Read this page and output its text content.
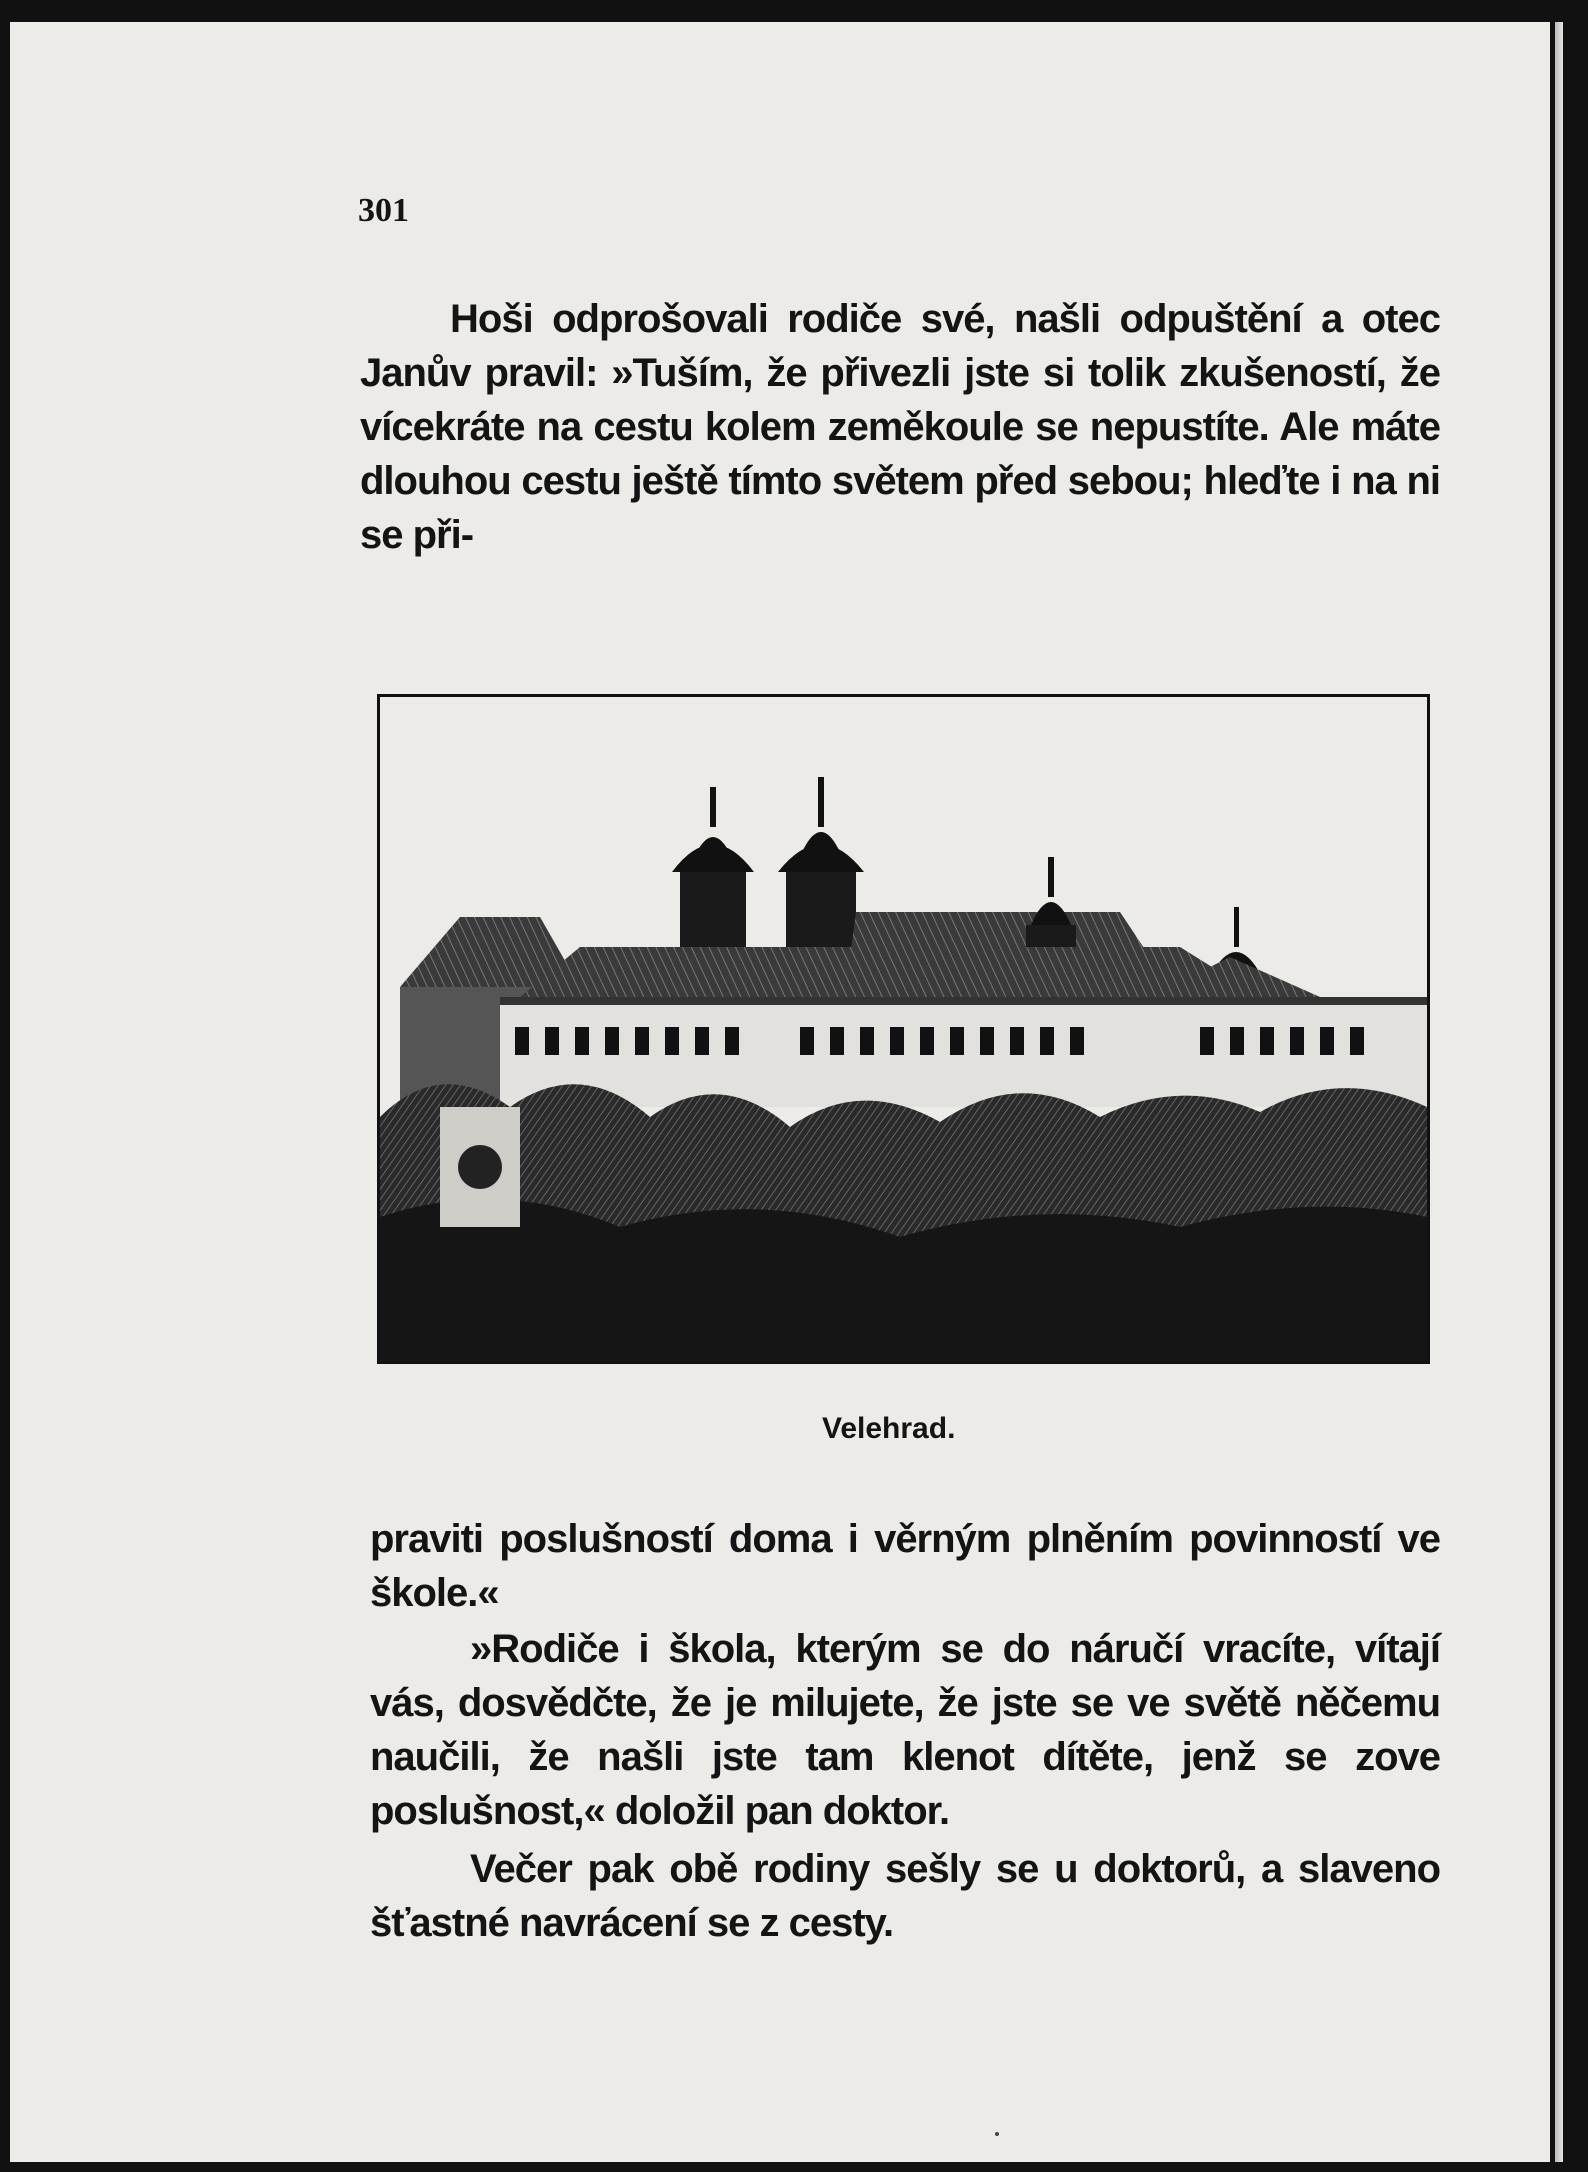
301

Hoši odprošovali rodiče své, našli odpuštění a otec Janův pravil: »Tuším, že přivezli jste si tolik zkušeností, že vícekráte na cestu kolem zeměkoule se nepustíte. Ale máte dlouhou cestu ještě tímto světem před sebou; hleďte i na ni se při-

Velehrad.

praviti poslušností doma i věrným plněním povinností ve škole.«

»Rodiče i škola, kterým se do náručí vracíte, vítají vás, dosvědčte, že je milujete, že jste se ve světě něčemu naučili, že našli jste tam klenot dítěte, jenž se zove poslušnost,« doložil pan doktor.

Večer pak obě rodiny sešly se u doktorů, a slaveno šťastné navrácení se z cesty.
